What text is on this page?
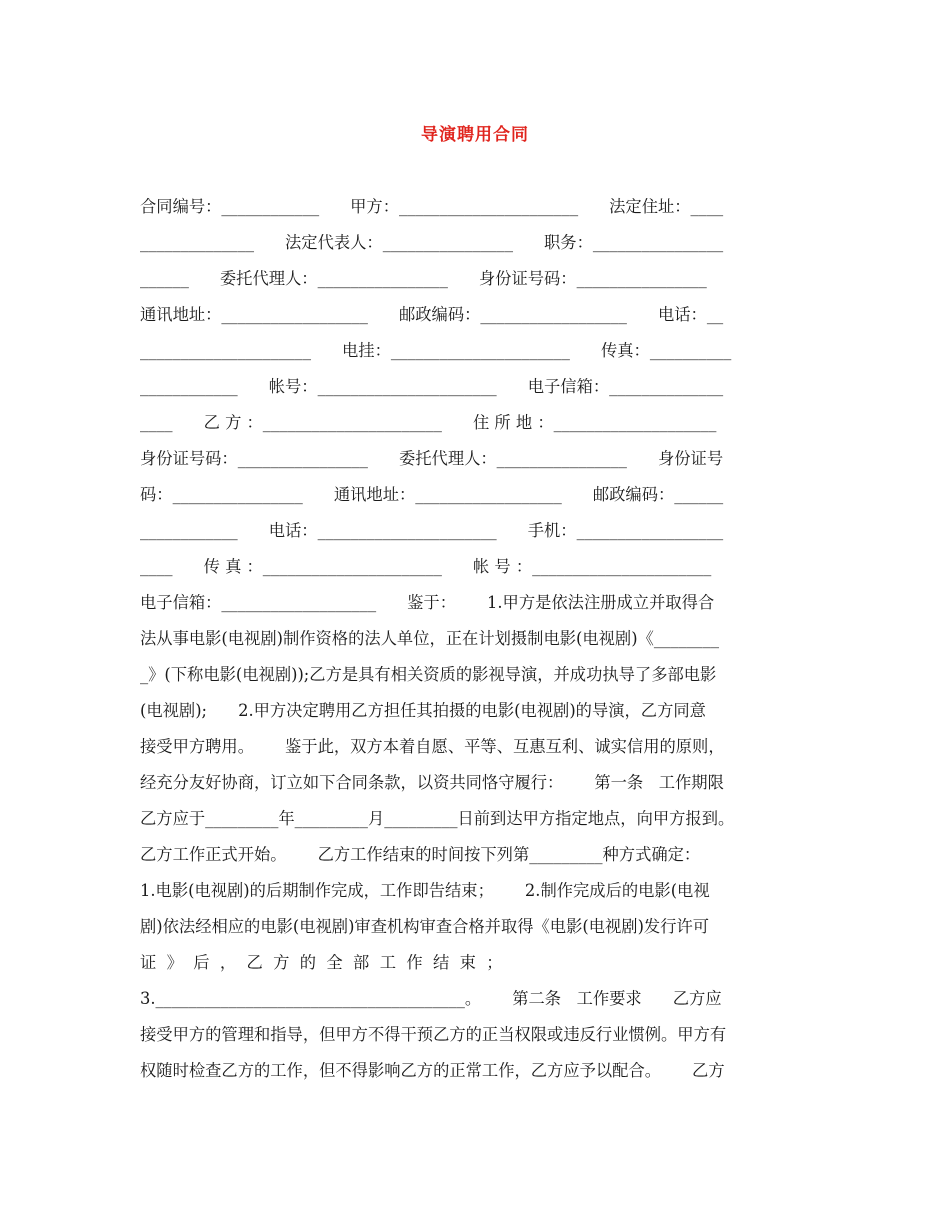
导演聘用合同
合同编号：____________      甲方：______________________      法定住址：____
______________      法定代表人：________________      职务：________________
______      委托代理人：________________      身份证号码：________________
通讯地址：__________________      邮政编码：__________________      电话：__
_____________________      电挂：______________________      传真：__________
____________      帐号：______________________      电子信箱：______________
____      乙 方 ：______________________      住 所 地 ：____________________
身份证号码：________________      委托代理人：________________      身份证号
码：________________      通讯地址：__________________      邮政编码：______
____________      电话：______________________      手机：__________________
____      传 真 ：______________________      帐 号 ：______________________
电子信箱：___________________      鉴于：      1.甲方是依法注册成立并取得合
法从事电影(电视剧)制作资格的法人单位，正在计划摄制电影(电视剧)《________
_》(下称电影(电视剧));乙方是具有相关资质的影视导演，并成功执导了多部电影
(电视剧);      2.甲方决定聘用乙方担任其拍摄的电影(电视剧)的导演，乙方同意
接受甲方聘用。      鉴于此，双方本着自愿、平等、互惠互利、诚实信用的原则，
经充分友好协商，订立如下合同条款，以资共同恪守履行：      第一条   工作期限
乙方应于_________年_________月_________日前到达甲方指定地点，向甲方报到。
乙方工作正式开始。      乙方工作结束的时间按下列第_________种方式确定：
1.电影(电视剧)的后期制作完成，工作即告结束；      2.制作完成后的电影(电视
剧)依法经相应的电影(电视剧)审查机构审查合格并取得《电影(电视剧)发行许可
证  》  后  ，  乙  方  的  全  部  工  作  结  束  ；
3.______________________________________。      第二条   工作要求      乙方应
接受甲方的管理和指导，但甲方不得干预乙方的正当权限或违反行业惯例。甲方有
权随时检查乙方的工作，但不得影响乙方的正常工作，乙方应予以配合。      乙方
